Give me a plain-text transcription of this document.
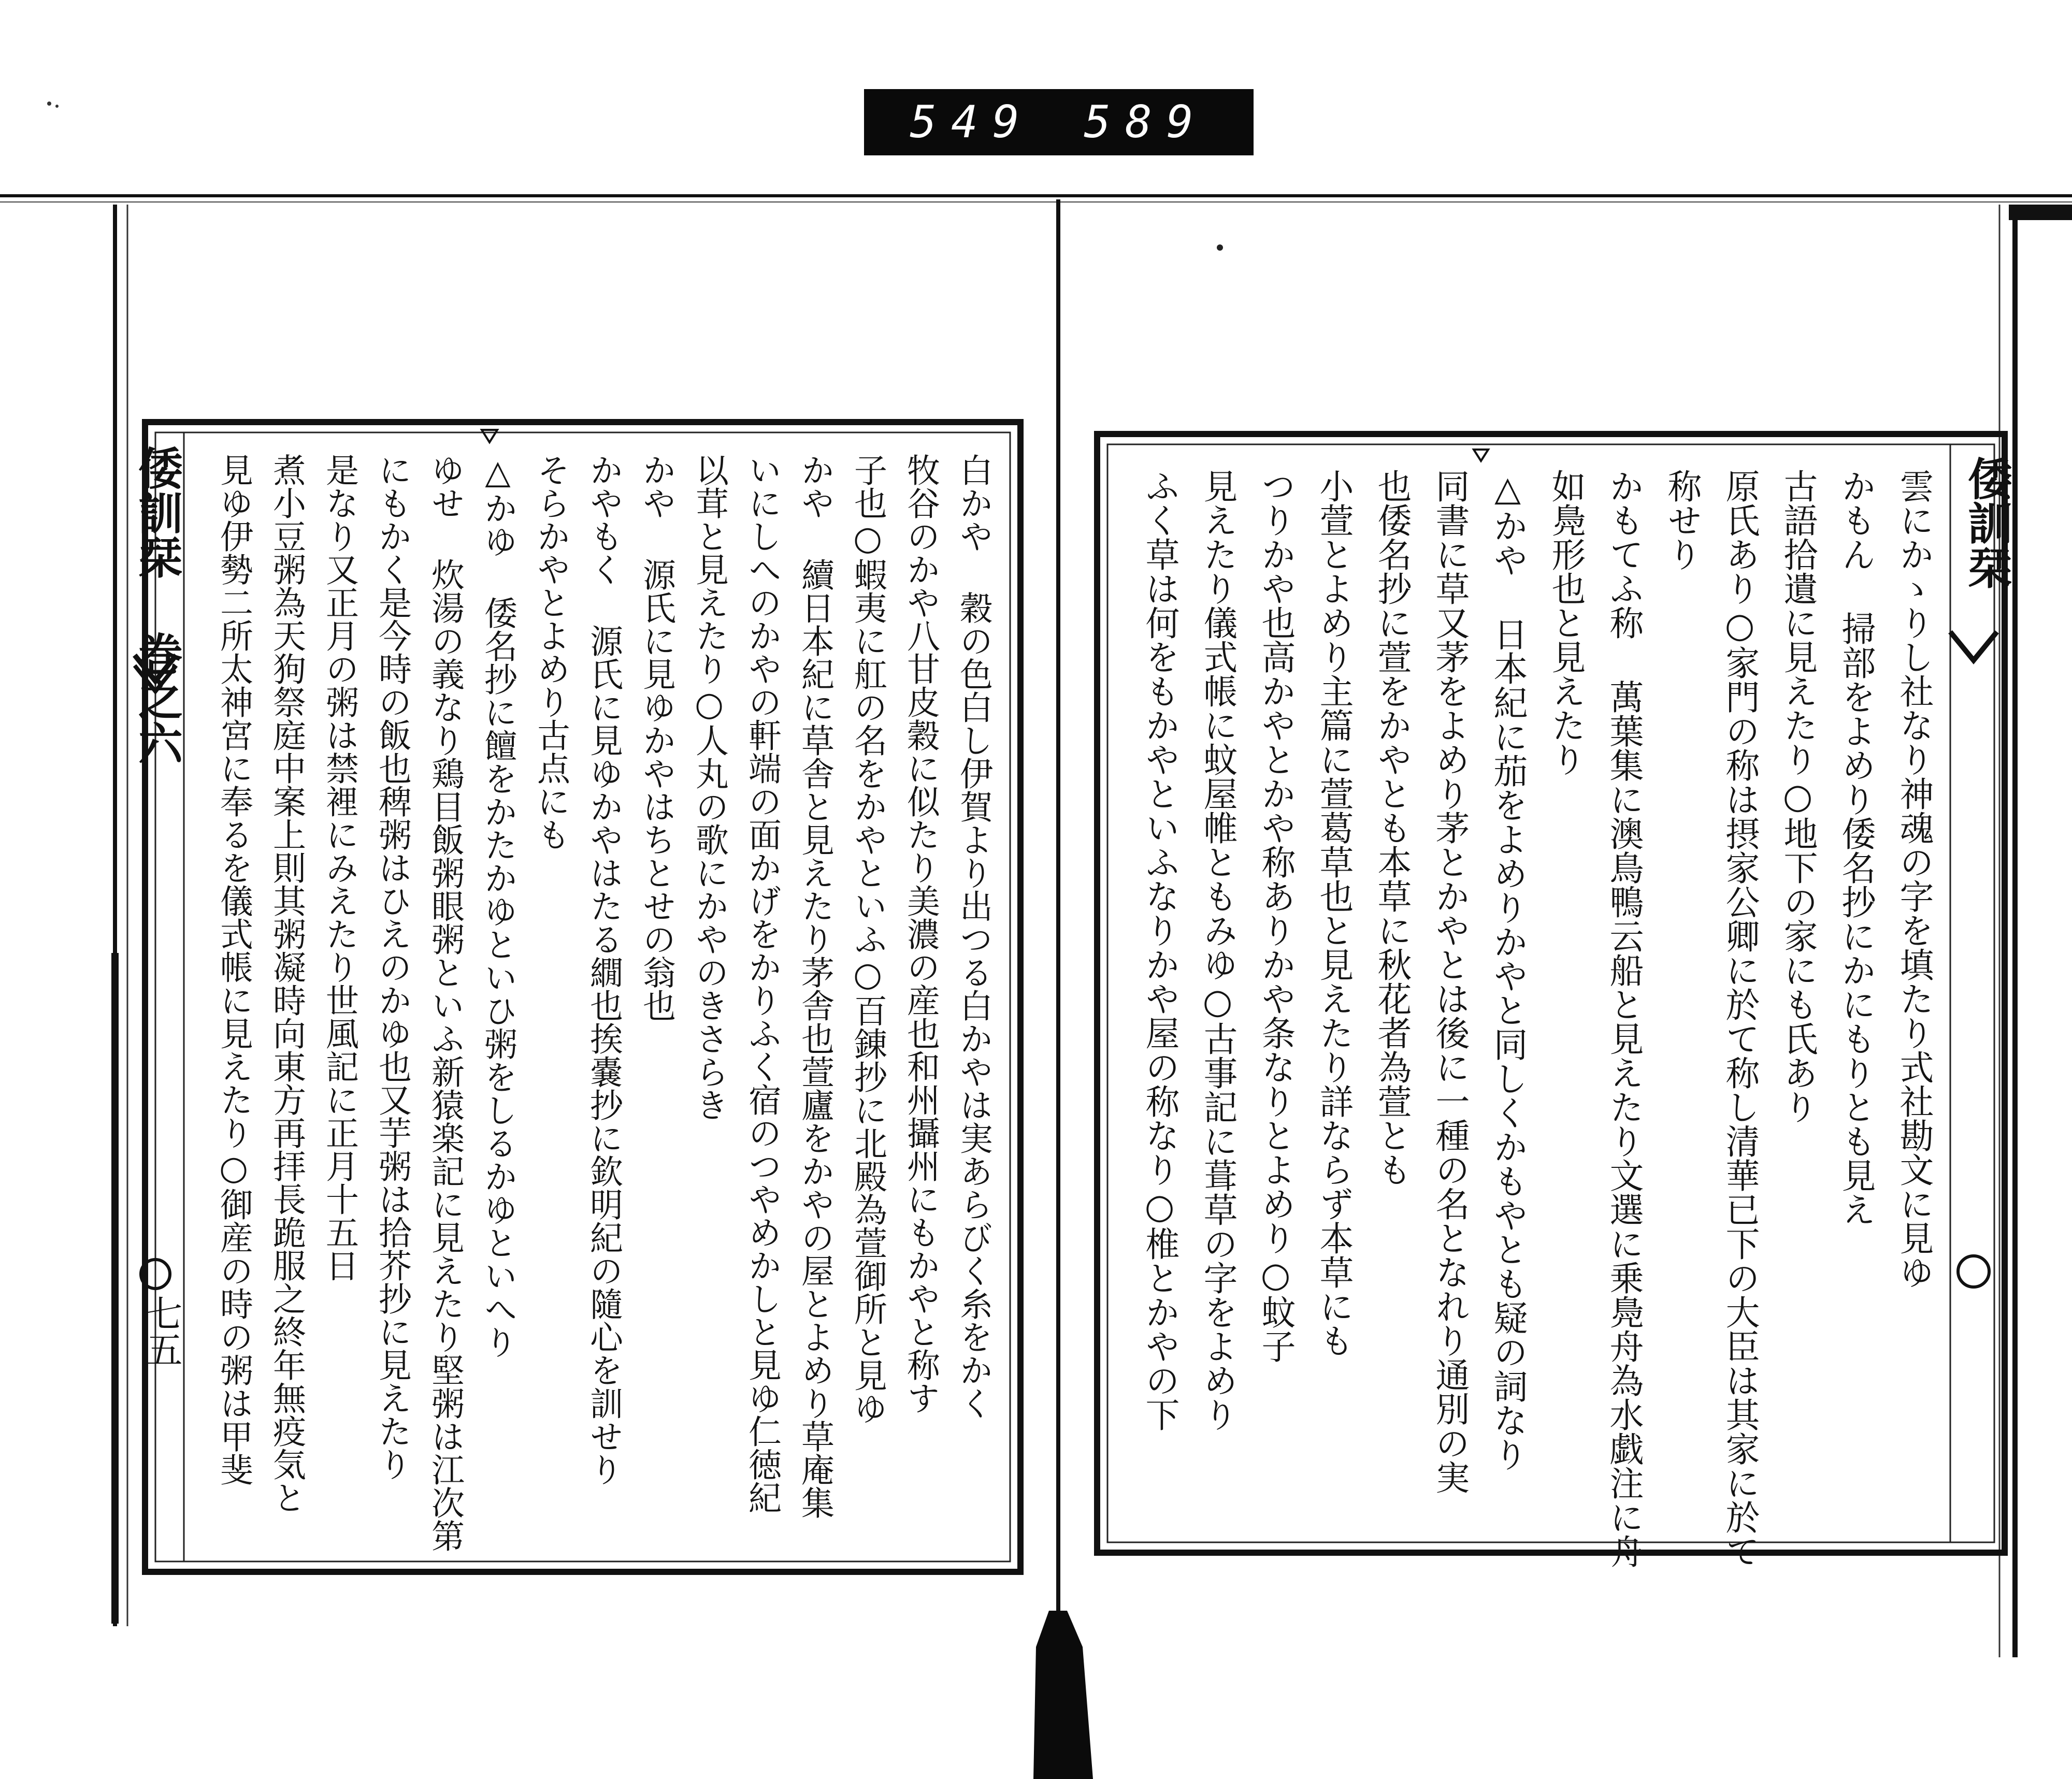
549 589
倭訓栞 巻之六	倭訓栞
七五
雲にかゝりし社なり神魂の字を填たり式社勘文に見ゆ
かもん 掃部をよめり倭名抄にかにもりとも見え
古語拾遺に見えたり○地下の家にも氏あり
原氏あり○家門の称は摂家公卿に於て称し清華已下の大臣は其家に於て
称せり
かもてふ称 萬葉集に澳鳥鴨云船と見えたり文選に乗鳧舟為水戯注に舟
如鳧形也と見えたり
△かや 日本紀に茄をよめりかやと同しくかもやとも疑の詞なり
同書に草又茅をよめり茅とかやとは後に一種の名となれり通別の実
也倭名抄に萱をかやとも本草に秋花者為萱とも
小萱とよめり主篇に萱葛草也と見えたり詳ならず本草にも
つりかや也高かやとかや称ありかや条なりとよめり○蚊子
見えたり儀式帳に蚊屋帷ともみゆ○古事記に葺草の字をよめり
ふく草は何をもかやといふなりかや屋の称なり○椎とかやの下
白かや 穀の色白し伊賀より出つる白かやは実あらびく糸をかく
牧谷のかや八甘皮穀に似たり美濃の産也和州攝州にもかやと称す
子也○蝦夷に舡の名をかやといふ○百錬抄に北殿為萱御所と見ゆ
かや 續日本紀に草舎と見えたり茅舎也萱廬をかやの屋とよめり草庵集
いにしへのかやの軒端の面かげをかりふく宿のつやめかしと見ゆ仁徳紀
以茸と見えたり○人丸の歌にかやのきさらき
かや 源氏に見ゆかやはちとせの翁也
かやもく 源氏に見ゆかやはたる繝也挨嚢抄に欽明紀の隨心を訓せり
そらかやとよめり古点にも
△かゆ 倭名抄に饘をかたかゆといひ粥をしるかゆといへり
ゆせ 炊湯の義なり鶏目飯粥眼粥といふ新猿楽記に見えたり堅粥は江次第
にもかく是今時の飯也稗粥はひえのかゆ也又芋粥は拾芥抄に見えたり
是なり又正月の粥は禁裡にみえたり世風記に正月十五日
煮小豆粥為天狗祭庭中案上則其粥凝時向東方再拝長跪服之終年無疫気と
見ゆ伊勢二所太神宮に奉るを儀式帳に見えたり○御産の時の粥は甲斐
